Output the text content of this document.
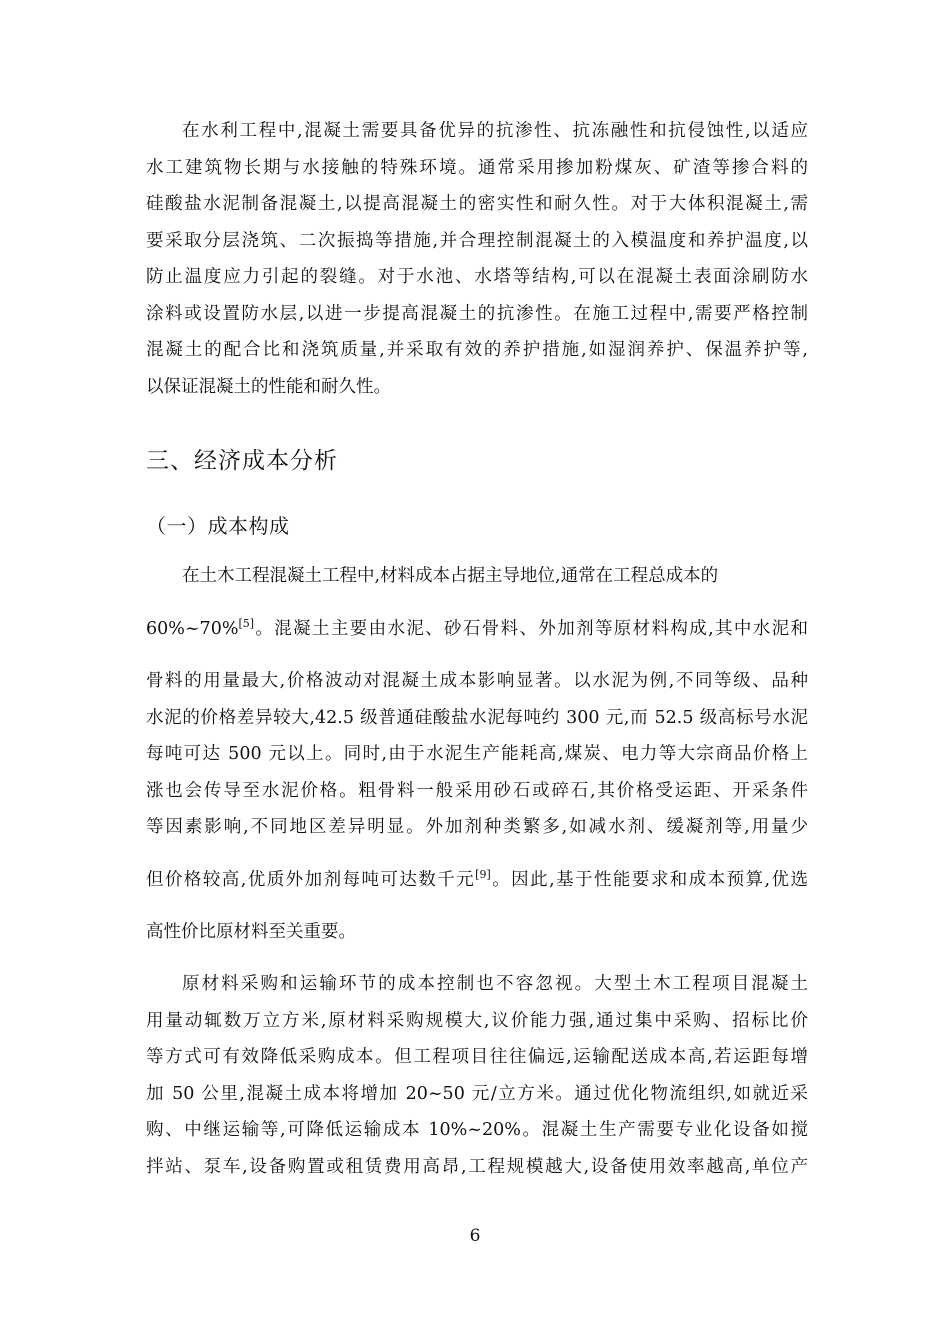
在水利工程中,混凝土需要具备优异的抗渗性、抗冻融性和抗侵蚀性,以适应
水工建筑物长期与水接触的特殊环境。通常采用掺加粉煤灰、矿渣等掺合料的
硅酸盐水泥制备混凝土,以提高混凝土的密实性和耐久性。对于大体积混凝土,需
要采取分层浇筑、二次振捣等措施,并合理控制混凝土的入模温度和养护温度,以
防止温度应力引起的裂缝。对于水池、水塔等结构,可以在混凝土表面涂刷防水
涂料或设置防水层,以进一步提高混凝土的抗渗性。在施工过程中,需要严格控制
混凝土的配合比和浇筑质量,并采取有效的养护措施,如湿润养护、保温养护等,
以保证混凝土的性能和耐久性。

三、经济成本分析
（一）成本构成

在土木工程混凝土工程中,材料成本占据主导地位,通常在工程总成本的
60%~70%[5]。混凝土主要由水泥、砂石骨料、外加剂等原材料构成,其中水泥和
骨料的用量最大,价格波动对混凝土成本影响显著。以水泥为例,不同等级、品种
水泥的价格差异较大,42.5 级普通硅酸盐水泥每吨约 300 元,而 52.5 级高标号水泥
每吨可达 500 元以上。同时,由于水泥生产能耗高,煤炭、电力等大宗商品价格上
涨也会传导至水泥价格。粗骨料一般采用砂石或碎石,其价格受运距、开采条件
等因素影响,不同地区差异明显。外加剂种类繁多,如减水剂、缓凝剂等,用量少
但价格较高,优质外加剂每吨可达数千元[9]。因此,基于性能要求和成本预算,优选
高性价比原材料至关重要。

原材料采购和运输环节的成本控制也不容忽视。大型土木工程项目混凝土
用量动辄数万立方米,原材料采购规模大,议价能力强,通过集中采购、招标比价
等方式可有效降低采购成本。但工程项目往往偏远,运输配送成本高,若运距每增
加 50 公里,混凝土成本将增加 20~50 元/立方米。通过优化物流组织,如就近采
购、中继运输等,可降低运输成本 10%~20%。混凝土生产需要专业化设备如搅
拌站、泵车,设备购置或租赁费用高昂,工程规模越大,设备使用效率越高,单位产

6
